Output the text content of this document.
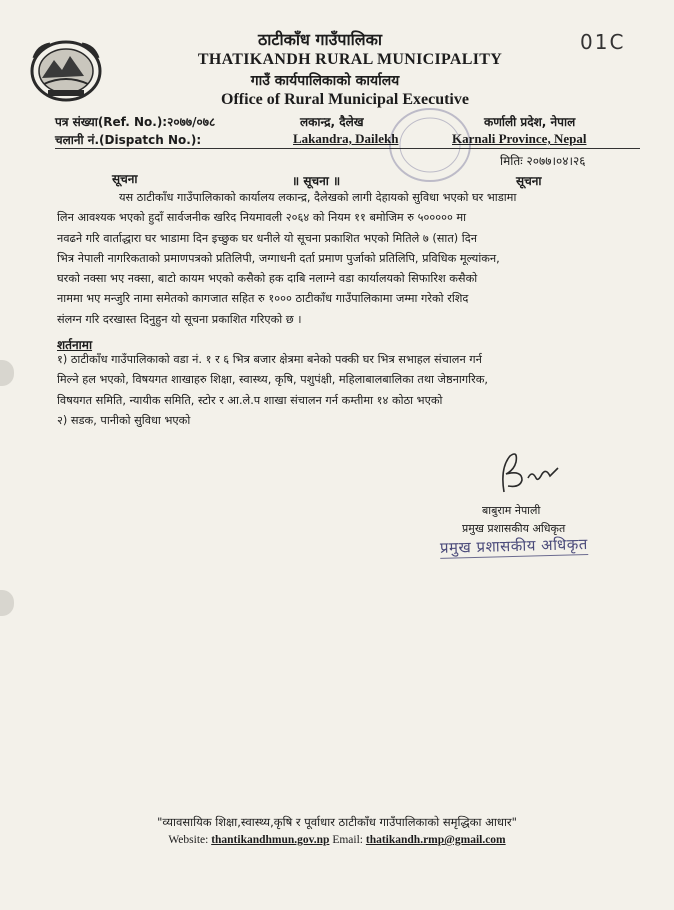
01C
ठाटीकाँध गाउँपालिका
THATIKANDH RURAL MUNICIPALITY
गाउँ कार्यपालिकाको कार्यालय
Office of Rural Municipal Executive
पत्र संख्या(Ref. No.):२०७७/०७८	लकान्द्र, दैलेख	कर्णाली प्रदेश, नेपाल
चलानी नं.(Dispatch No.):	Lakandra, Dailekh	Karnali Province, Nepal
मितिः २०७७।०४।२६
सूचना	॥ सूचना ॥	सूचना
यस ठाटीकाँध गाउँपालिकाको कार्यालय लकान्द्र, दैलेखको लागी देहायको सुविधा भएको घर भाडामा
लिन आवश्यक भएको हुदाँ सार्वजनीक खरिद नियमावली २०६४ को नियम ११ बमोजिम रु ५००००० मा
नवढने गरि वार्ताद्धारा घर भाडामा दिन इच्छुक घर धनीले यो सूचना प्रकाशित भएको मितिले ७ (सात) दिन
भित्र नेपाली नागरिकताको प्रमाणपत्रको प्रतिलिपी, जग्गाधनी दर्ता प्रमाण पुर्जाको प्रतिलिपि, प्रविधिक मूल्यांकन,
घरको नक्सा भए नक्सा, बाटो कायम भएको कसैको हक दाबि नलाग्ने वडा कार्यालयको सिफारिश कसैको
नाममा भए मन्जुरि नामा समेतको कागजात सहित रु १००० ठाटीकाँध गाउँपालिकामा जम्मा गरेको रशिद
संलग्न गरि दरखास्त दिनुहुन यो सूचना प्रकाशित गरिएको छ ।
शर्तनामा
१) ठाटीकाँध गाउँपालिकाको वडा नं. १ र ६ भित्र बजार क्षेत्रमा बनेको पक्की घर भित्र सभाहल संचालन गर्न
मिल्ने हल भएको, विषयगत शाखाहरु शिक्षा, स्वास्थ्य, कृषि, पशुपंक्षी, महिलाबालबालिका तथा जेष्ठनागरिक,
विषयगत समिति, न्यायीक समिति, स्टोर र आ.ले.प शाखा संचालन गर्न कम्तीमा १४ कोठा भएको
२) सडक, पानीको सुविधा भएको
बाबुराम नेपाली
प्रमुख प्रशासकीय अधिकृत
प्रमुख प्रशासकीय अधिकृत
"व्यावसायिक शिक्षा,स्वास्थ्य,कृषि र पूर्वाधार ठाटीकाँध गाउँपालिकाको समृद्धिका आधार"
Website: thantikandhmun.gov.np Email: thatikandh.rmp@gmail.com
